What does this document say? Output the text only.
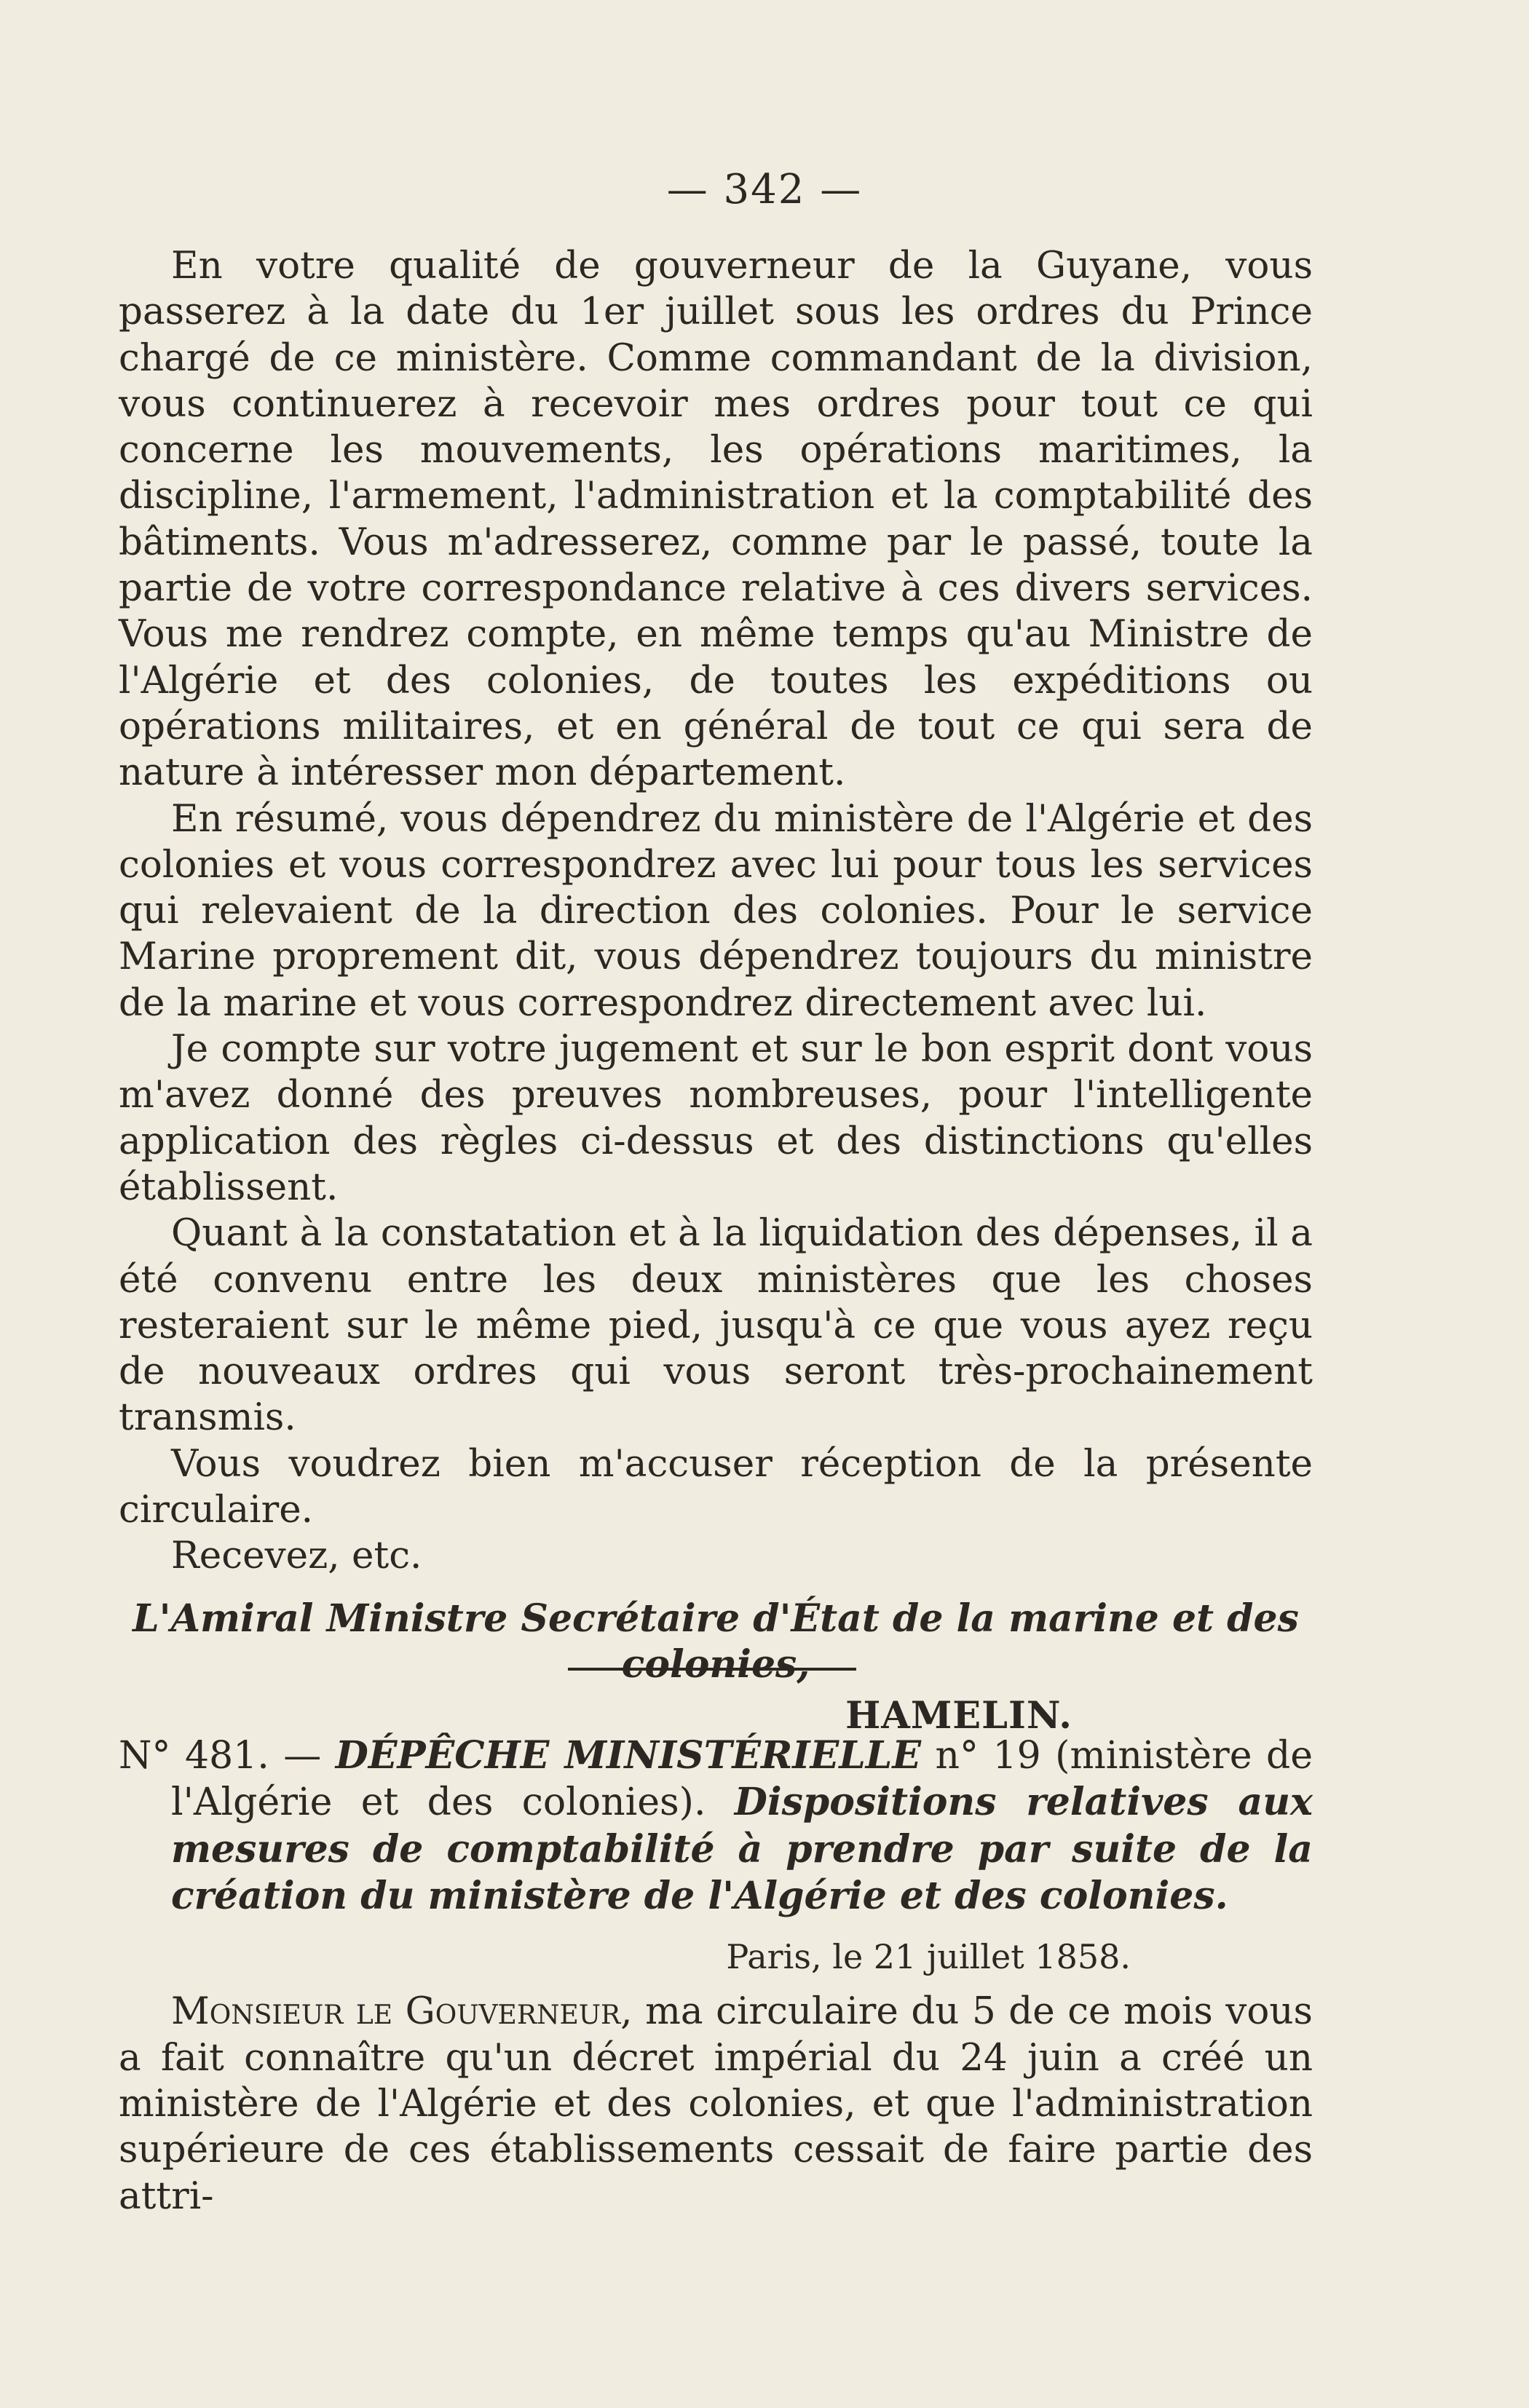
— 342 —

En votre qualité de gouverneur de la Guyane, vous passerez à la date du 1er juillet sous les ordres du Prince chargé de ce ministère. Comme commandant de la division, vous continuerez à recevoir mes ordres pour tout ce qui concerne les mouvements, les opérations maritimes, la discipline, l'armement, l'administration et la comptabilité des bâtiments. Vous m'adresserez, comme par le passé, toute la partie de votre correspondance relative à ces divers services. Vous me rendrez compte, en même temps qu'au Ministre de l'Algérie et des colonies, de toutes les expéditions ou opérations militaires, et en général de tout ce qui sera de nature à intéresser mon département.

En résumé, vous dépendrez du ministère de l'Algérie et des colonies et vous correspondrez avec lui pour tous les services qui relevaient de la direction des colonies. Pour le service Marine proprement dit, vous dépendrez toujours du ministre de la marine et vous correspondrez directement avec lui.

Je compte sur votre jugement et sur le bon esprit dont vous m'avez donné des preuves nombreuses, pour l'intelligente application des règles ci-dessus et des distinctions qu'elles établissent.

Quant à la constatation et à la liquidation des dépenses, il a été convenu entre les deux ministères que les choses resteraient sur le même pied, jusqu'à ce que vous ayez reçu de nouveaux ordres qui vous seront très-prochainement transmis.

Vous voudrez bien m'accuser réception de la présente circulaire.

Recevez, etc.

L'Amiral Ministre Secrétaire d'État de la marine et des colonies,

HAMELIN.

N° 481. — DÉPÊCHE MINISTÉRIELLE n° 19 (ministère de l'Algérie et des colonies). Dispositions relatives aux mesures de comptabilité à prendre par suite de la création du ministère de l'Algérie et des colonies.

Paris, le 21 juillet 1858.

Monsieur le Gouverneur, ma circulaire du 5 de ce mois vous a fait connaître qu'un décret impérial du 24 juin a créé un ministère de l'Algérie et des colonies, et que l'administration supérieure de ces établissements cessait de faire partie des attri-
